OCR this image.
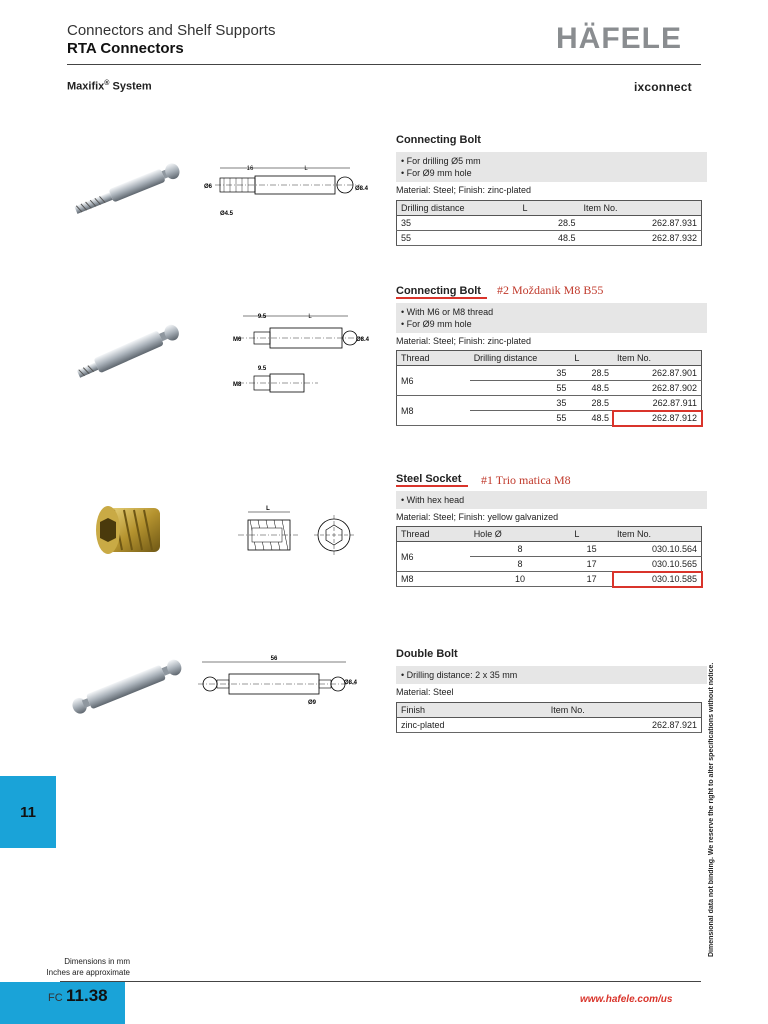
Connectors and Shelf Supports
RTA Connectors	HÄFELE
Maxifix® System	ixconnect
16	L
Ø6	Ø8.4
Ø4.5
Connecting Bolt
• For drilling Ø5 mm
• For Ø9 mm hole
Material: Steel; Finish: zinc-plated
Drilling distance	L	Item No.
35	28.5	262.87.931
55	48.5	262.87.932
9.5	L
M6	Ø8.4
9.5
M8
Connecting Bolt #2 Moždanik M8 B55
• With M6 or M8 thread
• For Ø9 mm hole
Material: Steel; Finish: zinc-plated
Thread	Drilling distance	L	Item No.
M6	35	28.5	262.87.901
	55	48.5	262.87.902
M8	35	28.5	262.87.911
	55	48.5	262.87.912
L
Steel Socket #1 Trio matica M8
• With hex head
Material: Steel; Finish: yellow galvanized
Thread	Hole Ø	L	Item No.
M6	8	15	030.10.564
	8	17	030.10.565
M8	10	17	030.10.585
56
Ø8.4
Ø9
Double Bolt
• Drilling distance: 2 x 35 mm
Material: Steel
Finish	Item No.
zinc-plated	262.87.921
11	Dimensional data not binding. We reserve the right to alter specifications without notice.
Dimensions in mm
Inches are approximate
FC 11.38	www.hafele.com/us
